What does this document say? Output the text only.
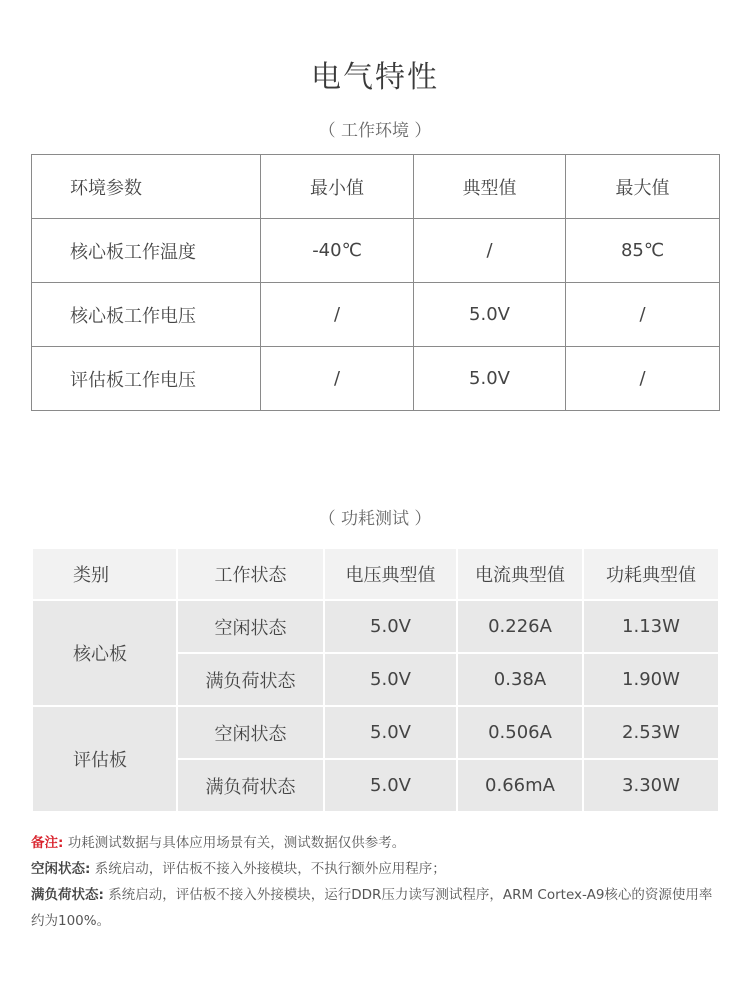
电气特性
（ 工作环境 ）
环境参数	最小值	典型值	最大值
核心板工作温度	-40℃	/	85℃
核心板工作电压	/	5.0V	/
评估板工作电压	/	5.0V	/
（ 功耗测试 ）
类别	工作状态	电压典型值	电流典型值	功耗典型值
核心板	空闲状态	5.0V	0.226A	1.13W
	满负荷状态	5.0V	0.38A	1.90W
评估板	空闲状态	5.0V	0.506A	2.53W
	满负荷状态	5.0V	0.66mA	3.30W
备注: 功耗测试数据与具体应用场景有关，测试数据仅供参考。
空闲状态: 系统启动，评估板不接入外接模块，不执行额外应用程序；
满负荷状态: 系统启动，评估板不接入外接模块，运行DDR压力读写测试程序，ARM Cortex-A9核心的资源使用率约为100%。
